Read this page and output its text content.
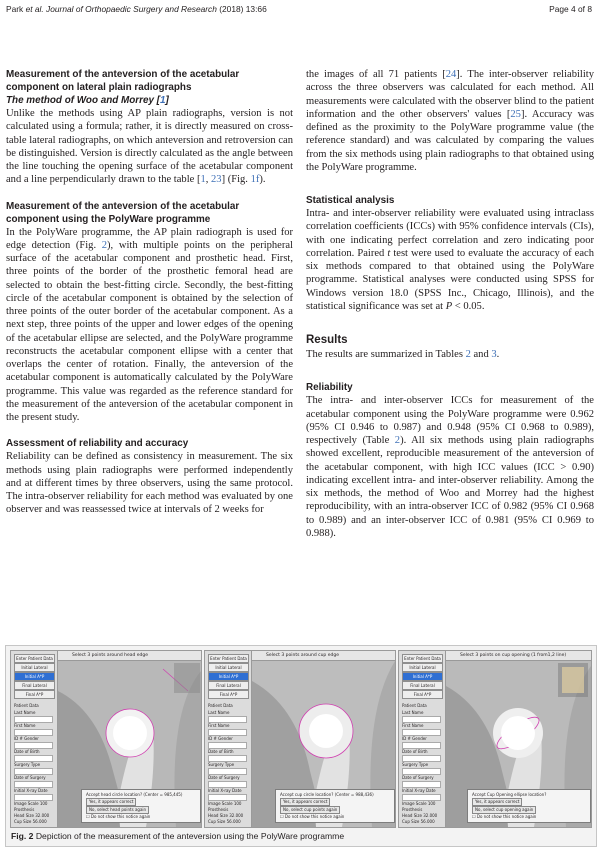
Park et al. Journal of Orthopaedic Surgery and Research (2018) 13:66	Page 4 of 8
Measurement of the anteversion of the acetabular
component on lateral plain radiographs
The method of Woo and Morrey [1]

Unlike the methods using AP plain radiographs, version is not calculated using a formula; rather, it is directly measured on cross-table lateral radiographs, on which anteversion and retroversion can be distinguished. Version is directly calculated as the angle between the line touching the opening surface of the acetabular component and a line perpendicularly drawn to the table [1, 23] (Fig. 1f).

Measurement of the anteversion of the acetabular
component using the PolyWare programme

In the PolyWare programme, the AP plain radiograph is used for edge detection (Fig. 2), with multiple points on the peripheral surface of the acetabular component and prosthetic head. First, three points of the border of the prosthetic femoral head are selected to obtain the best-fitting circle. Secondly, the best-fitting circle of the acetabular component is obtained by the selection of three points of the outer border of the acetabular component. As a next step, three points of the upper and lower edges of the opening of the acetabular ellipse are selected, and the PolyWare programme reconstructs the acetabular component ellipse with a center that overlaps the center of rotation. Finally, the anteversion of the acetabular component is automatically calculated by the PolyWare programme. This value was regarded as the reference standard for the measurement of the anteversion of the acetabular component in the present study.

Assessment of reliability and accuracy

Reliability can be defined as consistency in measurement. The six methods using plain radiographs were performed independently and at different times by three observers, using the same protocol. The intra-observer reliability for each method was evaluated by one observer and was reassessed twice at intervals of 2 weeks for

the images of all 71 patients [24]. The inter-observer reliability across the three observers was calculated for each method. All measurements were calculated with the observer blind to the patient information and the other observers' values [25]. Accuracy was defined as the proximity to the PolyWare programme value (the reference standard) and was calculated by comparing the values from the six methods using plain radiographs to that obtained using the PolyWare programme.

Statistical analysis

Intra- and inter-observer reliability were evaluated using intraclass correlation coefficients (ICCs) with 95% confidence intervals (CIs), with one indicating perfect correlation and zero indicating poor correlation. Paired t test were used to evaluate the accuracy of each six methods compared to that obtained using the PolyWare programme. Statistical analyses were conducted using SPSS for Windows version 18.0 (SPSS Inc., Chicago, Illinois), and the statistical significance was set at P < 0.05.

Results

The results are summarized in Tables 2 and 3.

Reliability

The intra- and inter-observer ICCs for measurement of the acetabular component using the PolyWare programme were 0.962 (95% CI 0.946 to 0.987) and 0.948 (95% CI 0.968 to 0.989), respectively (Table 2). All six methods using plain radiographs showed excellent, reproducible measurement of the anteversion of the acetabular component, with high ICC values (ICC > 0.90) indicating excellent intra- and inter-observer reliability. Among the six methods, the method of Woo and Morrey had the highest reproducibility, with an intra-observer ICC of 0.982 (95% CI 0.968 to 0.989) and an inter-observer ICC of 0.981 (95% CI 0.969 to 0.988).

Enter Patient Data
Initial Lateral
Initial A*P
Final Lateral
Final A*P
Patient Data
Last Name
First Name
ID # Gender
Date of Birth
Surgery Type
Date of Surgery
Initial X-ray Date
Image Scale 100
Prosthesis
Head Size 32.000
Cup Size 56.000
Select 3 points around head edge
Accept head circle location? (Center = 985,445)
Yes, it appears correctNo, select head points again
☐ Do not show this notice again
Enter Patient Data
Initial Lateral
Initial A*P
Final Lateral
Final A*P
Patient Data
Last Name
First Name
ID # Gender
Date of Birth
Surgery Type
Date of Surgery
Initial X-ray Date
Image Scale 100
Prosthesis
Head Size 32.000
Cup Size 56.000
Select 3 points around cup edge
Accept cup circle location? (Center = 988,436)
Yes, it appears correctNo, select cup points again
☐ Do not show this notice again
Enter Patient Data
Initial Lateral
Initial A*P
Final Lateral
Final A*P
Patient Data
Last Name
First Name
ID # Gender
Date of Birth
Surgery Type
Date of Surgery
Initial X-ray Date
Image Scale 100
Prosthesis
Head Size 32.000
Cup Size 56.000
Select 3 points on cup opening (1 from1,2 line)
Accept Cup Opening ellipse location?
Yes, it appears correctNo, select cup opening again
☐ Do not show this notice again
Fig. 2 Depiction of the measurement of the anteversion using the PolyWare programme
